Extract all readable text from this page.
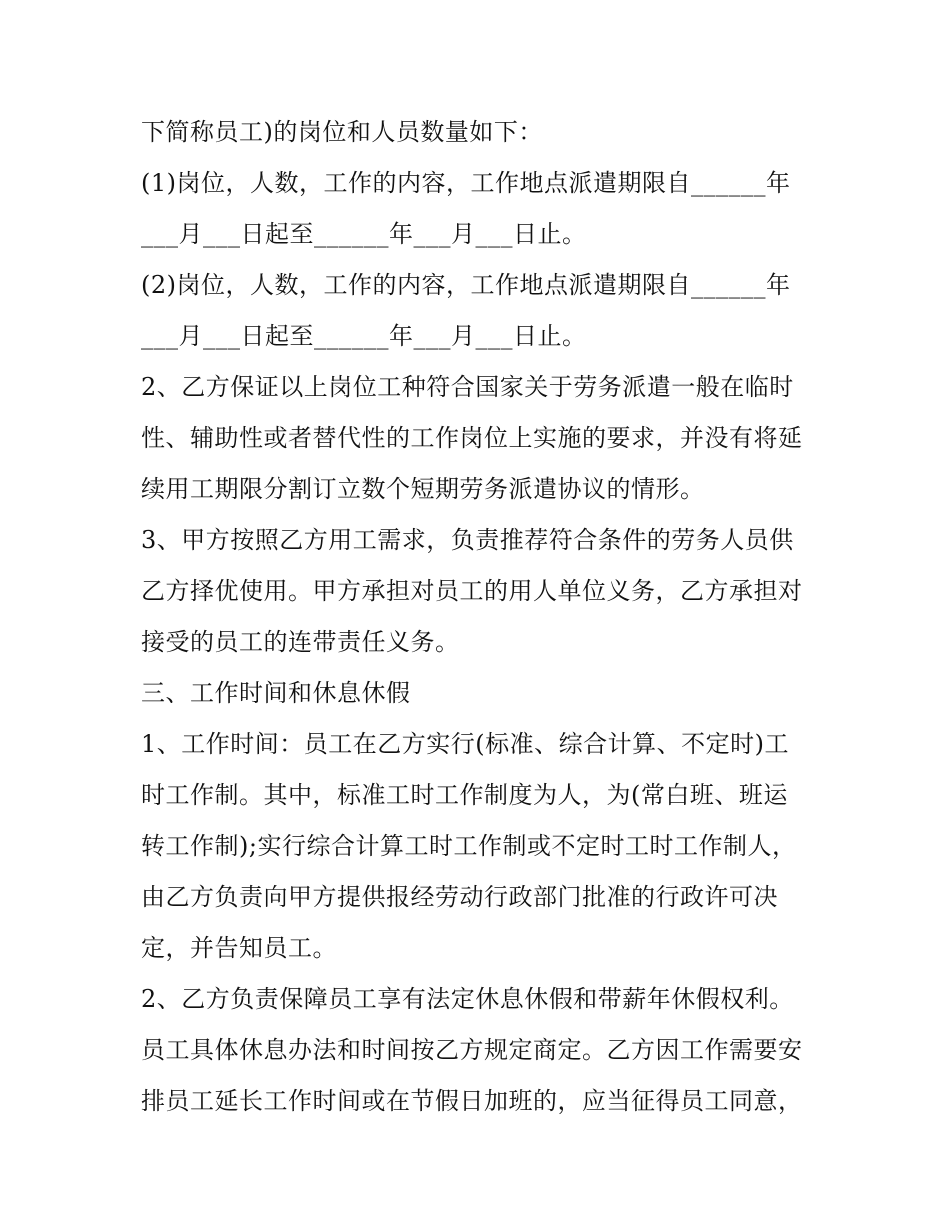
下简称员工)的岗位和人员数量如下：
(1)岗位，人数，工作的内容，工作地点派遣期限自______年
___月___日起至______年___月___日止。
(2)岗位，人数，工作的内容，工作地点派遣期限自______年
___月___日起至______年___月___日止。
2、乙方保证以上岗位工种符合国家关于劳务派遣一般在临时
性、辅助性或者替代性的工作岗位上实施的要求，并没有将延
续用工期限分割订立数个短期劳务派遣协议的情形。
3、甲方按照乙方用工需求，负责推荐符合条件的劳务人员供
乙方择优使用。甲方承担对员工的用人单位义务，乙方承担对
接受的员工的连带责任义务。
三、工作时间和休息休假
1、工作时间：员工在乙方实行(标准、综合计算、不定时)工
时工作制。其中，标准工时工作制度为人，为(常白班、班运
转工作制);实行综合计算工时工作制或不定时工时工作制人，
由乙方负责向甲方提供报经劳动行政部门批准的行政许可决
定，并告知员工。
2、乙方负责保障员工享有法定休息休假和带薪年休假权利。
员工具体休息办法和时间按乙方规定商定。乙方因工作需要安
排员工延长工作时间或在节假日加班的，应当征得员工同意，
